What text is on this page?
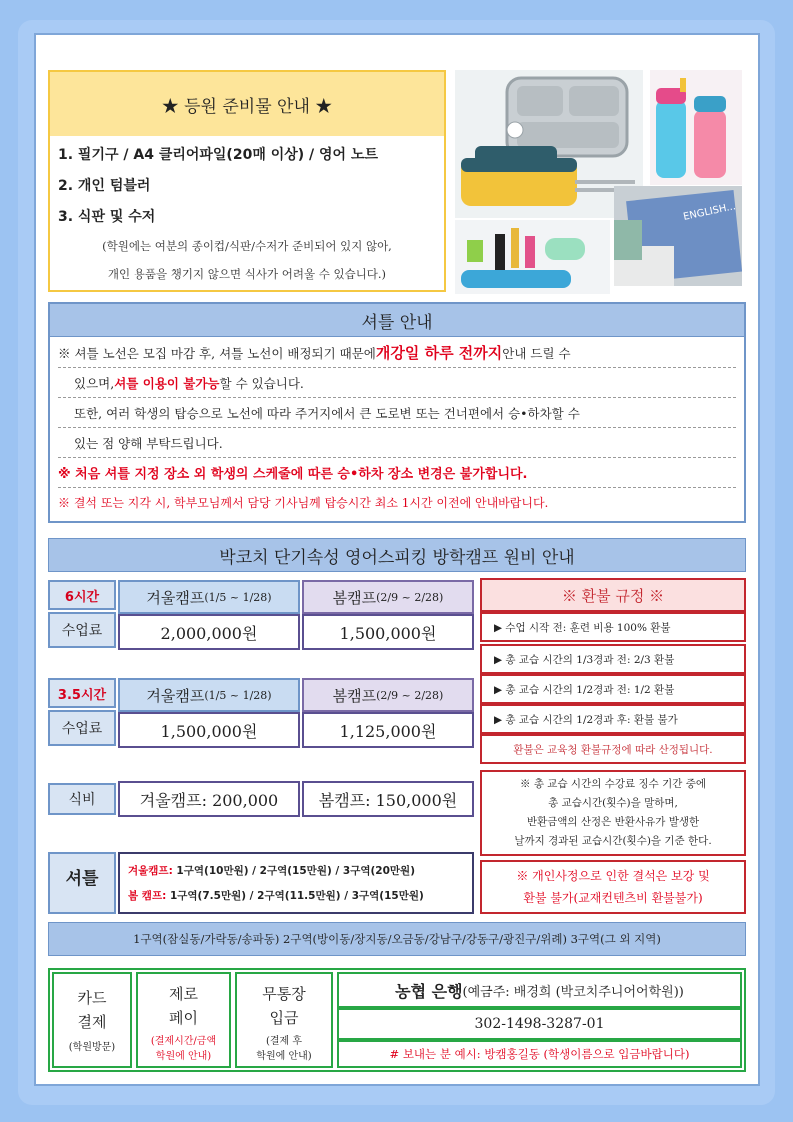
★ 등원 준비물 안내 ★
1. 필기구 / A4 클리어파일(20매 이상) / 영어 노트
2. 개인 텀블러
3. 식판 및 수저
(학원에는 여분의 종이컵/식판/수저가 준비되어 있지 않아,
개인 용품을 챙기지 않으면 식사가 어려울 수 있습니다.)
ENGLISH...
셔틀 안내
※ 셔틀 노선은 모집 마감 후, 셔틀 노선이 배정되기 때문에 개강일 하루 전까지 안내 드릴 수
있으며, 셔틀 이용이 불가능 할 수 있습니다.
또한, 여러 학생의 탑승으로 노선에 따라 주거지에서 큰 도로변 또는 건너편에서 승•하차할 수
있는 점 양해 부탁드립니다.
※ 처음 셔틀 지정 장소 외 학생의 스케줄에 따른 승•하차 장소 변경은 불가합니다.
※ 결석 또는 지각 시, 학부모님께서 담당 기사님께 탑승시간 최소 1시간 이전에 안내바랍니다.
박코치 단기속성 영어스피킹 방학캠프 원비 안내
6시간	겨울캠프 (1/5 ~ 1/28)	봄캠프 (2/9 ~ 2/28)
수업료	2,000,000원	1,500,000원
3.5시간	겨울캠프 (1/5 ~ 1/28)	봄캠프 (2/9 ~ 2/28)
수업료	1,500,000원	1,125,000원
식비	겨울캠프: 200,000	봄캠프: 150,000원
셔틀	겨울캠프: 1구역(10만원) / 2구역(15만원) / 3구역(20만원)
봄 캠프: 1구역(7.5만원) / 2구역(11.5만원) / 3구역(15만원)
※ 환불 규정 ※
▶ 수업 시작 전: 훈련 비용 100% 환불
▶ 총 교습 시간의 1/3경과 전: 2/3 환불
▶ 총 교습 시간의 1/2경과 전: 1/2 환불
▶ 총 교습 시간의 1/2경과 후: 환불 불가
환불은 교육청 환불규정에 따라 산정됩니다.
※ 총 교습 시간의 수강료 징수 기간 중에
총 교습시간(횟수)을 말하며,
반환금액의 산정은 반환사유가 발생한
날까지 경과된 교습시간(횟수)을 기준 한다.
※ 개인사정으로 인한 결석은 보강 및
환불 불가(교재컨텐츠비 환불불가)
1구역(잠실동/가락동/송파동) 2구역(방이동/장지동/오금동/강남구/강동구/광진구/위례) 3구역(그 외 지역)
카드
결제
(학원방문)
제로
페이
(결제시간/금액
학원에 안내)
무통장
입금
(결제 후
학원에 안내)
농협 은행 (예금주: 배경희 (박코치주니어어학원))
302-1498-3287-01
# 보내는 분 예시: 방캠홍길동 (학생이름으로 입금바랍니다)
